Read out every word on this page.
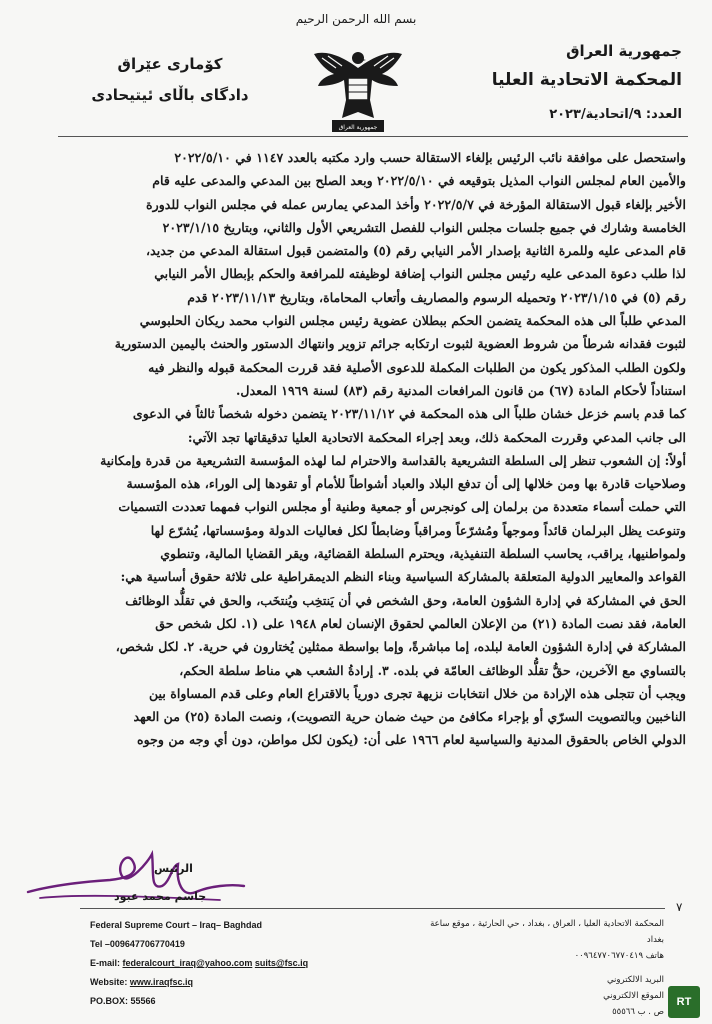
بسم الله الرحمن الرحيم
جمهورية العراق
المحكمة الاتحادية العليا
العدد: ٩/اتحادية/٢٠٢٣
كۆماری عێراق
دادگای باڵای ئیتیحادی
جمهورية العراق

واستحصل على موافقة نائب الرئيس بإلغاء الاستقالة حسب وارد مكتبه بالعدد ١١٤٧ في ٢٠٢٢/٥/١٠

والأمين العام لمجلس النواب المذيل بتوقيعه في ٢٠٢٢/٥/١٠ وبعد الصلح بين المدعي والمدعى عليه قام

الأخير بإلغاء قبول الاستقالة المؤرخة في ٢٠٢٢/٥/٧ وأخذ المدعي يمارس عمله في مجلس النواب للدورة

الخامسة وشارك في جميع جلسات مجلس النواب للفصل التشريعي الأول والثاني، وبتاريخ ٢٠٢٣/١/١٥

قام المدعى عليه وللمرة الثانية بإصدار الأمر النيابي رقم (٥) والمتضمن قبول استقالة المدعي من جديد،

لذا طلب دعوة المدعى عليه رئيس مجلس النواب إضافة لوظيفته للمرافعة والحكم بإبطال الأمر النيابي

رقم (٥) في ٢٠٢٣/١/١٥ وتحميله الرسوم والمصاريف وأتعاب المحاماة، وبتاريخ ٢٠٢٣/١١/١٣ قدم

المدعي طلباً الى هذه المحكمة يتضمن الحكم ببطلان عضوية رئيس مجلس النواب محمد ريكان الحلبوسي

لثبوت فقدانه شرطاً من شروط العضوية لثبوت ارتكابه جرائم تزوير وانتهاك الدستور والحنث باليمين الدستورية

ولكون الطلب المذكور يكون من الطلبات المكملة للدعوى الأصلية فقد قررت المحكمة قبوله والنظر فيه

استناداً لأحكام المادة (٦٧) من قانون المرافعات المدنية رقم (٨٣) لسنة ١٩٦٩ المعدل.

كما قدم باسم خزعل خشان طلباً الى هذه المحكمة في ٢٠٢٣/١١/١٢ يتضمن دخوله شخصاً ثالثاً في الدعوى

الى جانب المدعي وقررت المحكمة ذلك، وبعد إجراء المحكمة الاتحادية العليا تدقيقاتها تجد الآتي:

أولاً: إن الشعوب تنظر إلى السلطة التشريعية بالقداسة والاحترام لما لهذه المؤسسة التشريعية من قدرة وإمكانية

وصلاحيات قادرة بها ومن خلالها إلى أن تدفع البلاد والعباد أشواطاً للأمام أو تقودها إلى الوراء، هذه المؤسسة

التي حملت أسماء متعددة من برلمان إلى كونجرس أو جمعية وطنية أو مجلس النواب فمهما تعددت التسميات

وتنوعت يظل البرلمان قائداً وموجهاً ومُشرّعاً ومراقباً وضابطاً لكل فعاليات الدولة ومؤسساتها، يُشرّع لها

ولمواطنيها، يراقب، يحاسب السلطة التنفيذية، ويحترم السلطة القضائية، ويقر القضايا المالية، وتنطوي

القواعد والمعايير الدولية المتعلقة بالمشاركة السياسية وبناء النظم الديمقراطية على ثلاثة حقوق أساسية هي:

الحق في المشاركة في إدارة الشؤون العامة، وحق الشخص في أن يَنتخِب ويُنتخَب، والحق في تقلُّد الوظائف

العامة، فقد نصت المادة (٢١) من الإعلان العالمي لحقوق الإنسان لعام ١٩٤٨ على (١. لكل شخص حق

المشاركة في إدارة الشؤون العامة لبلده، إما مباشرةً، وإما بواسطة ممثلين يُختارون في حرية. ٢. لكل شخص،

بالتساوي مع الآخرين، حقُّ تقلُّد الوظائف العامّة في بلده. ٣. إرادةُ الشعب هي مناط سلطة الحكم،

ويجب أن تتجلى هذه الإرادة من خلال انتخابات نزيهة تجرى دورياً بالاقتراع العام وعلى قدم المساواة بين

الناخبين وبالتصويت السرّي أو بإجراء مكافئ من حيث ضمان حرية التصويت)، ونصت المادة (٢٥) من العهد

الدولي الخاص بالحقوق المدنية والسياسية لعام ١٩٦٦ على أن: (يكون لكل مواطن، دون أي وجه من وجوه

الرئيس
جاسم محمد عبود
٧
Federal Supreme Court – Iraq– Baghdad
Tel –009647706770419
E-mail: federalcourt_iraq@yahoo.com suits@fsc.iq
Website: www.iraqfsc.iq
PO.BOX: 55566
المحكمة الاتحادية العليا ، العراق ، بغداد ، حي الحارثية ، موقع ساعة بغداد
هاتف ٠٠٩٦٤٧٧٠٦٧٧٠٤١٩
البريد الالكتروني
الموقع الالكتروني
ص . ب ٥٥٥٦٦
RT
